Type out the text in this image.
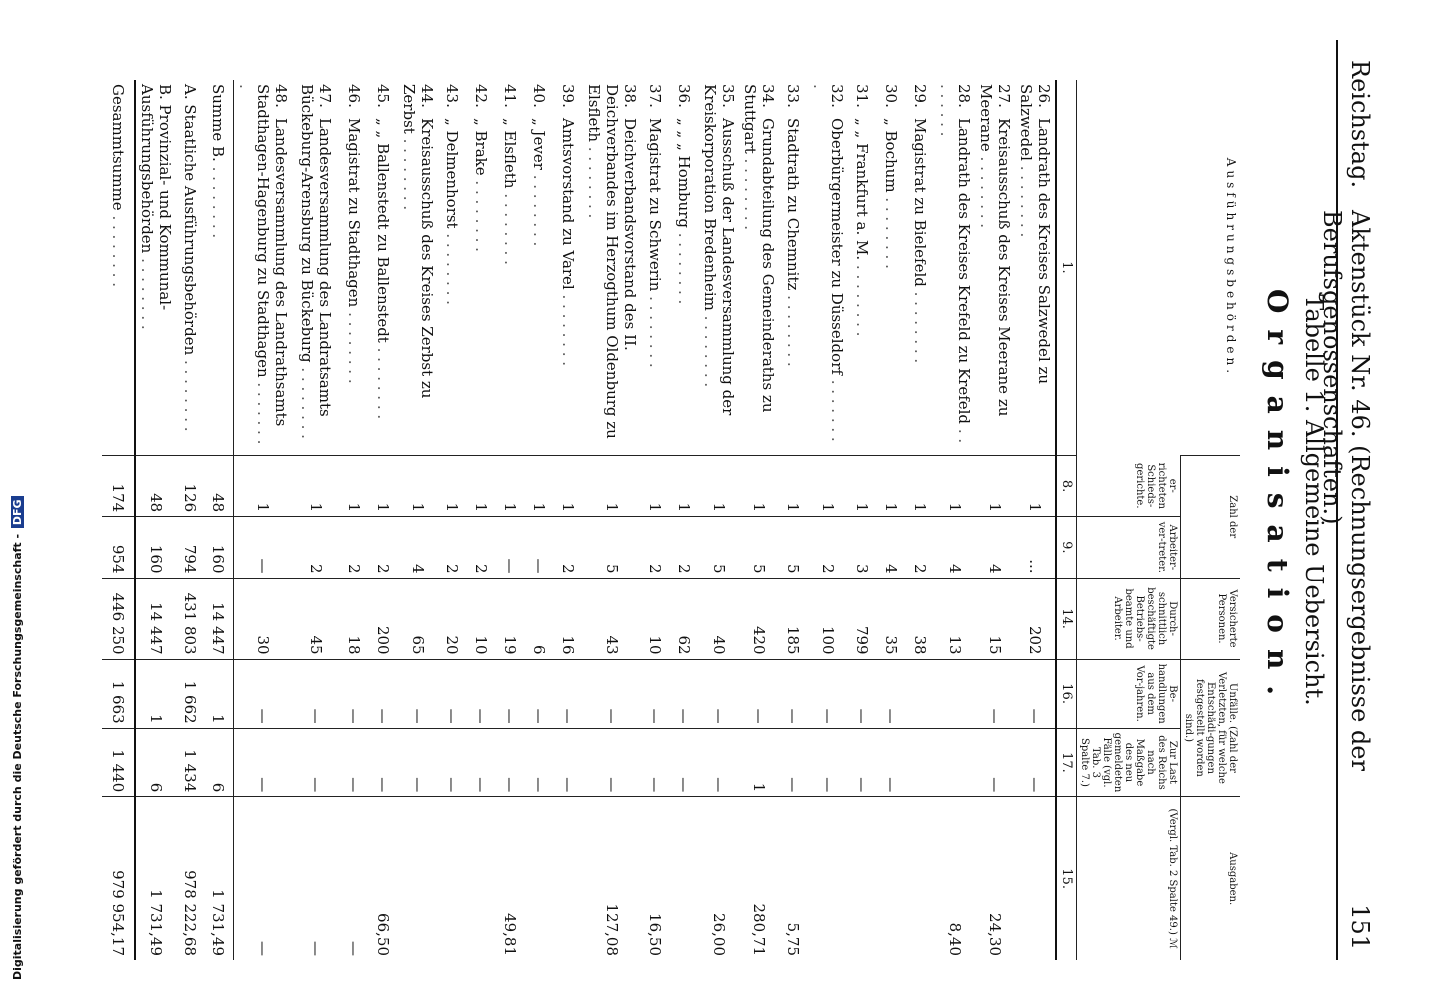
Reichstag.
Aktenstück Nr. 46. (Rechnungsergebnisse der Berufsgenossenschaften.)
151
Tabelle 1. Allgemeine Uebersicht.
Organisation.
Ausführungsbehörden.	Zahl der		Versicherte Personen.	Unfälle. (Zahl der Verletzten, für welche Entschädi-gungen festgestellt worden sind.)		Ausgaben.
	er-richteten Schieds-gerichte.	Arbeiter-ver-treter.	Durch-schnittlich beschäftigte Betriebs-beamte und Arbeiter.	Be-handlungen aus dem Vor-jahren.	Zur Last des Reichs nach Maßgabe des neu gemeldeten Fälle (vgl. Tab. 3 Spalte 7.)	(Vergl. Tab. 2 Spalte 49.) ℳ
1.	8.	9.	14.	16.	17.	15.
26.Landrath des Kreises Salzwedel zu Salzwedel . . .	1	...	202	—	—	
27.Kreisausschuß des Kreises Meerane zu Meerane . . .	1	4	15	—	—	24,30
28.Landrath des Kreises Krefeld zu Krefeld . . .	1	4	13			8,40
29.Magistrat zu Bielefeld . . .	1	2	38			
30.„ Bochum . . .	1	4	35	—	—	
31.„ „ Frankfurt a. M. . . .	1	3	799	—	—	
32.Oberbürgermeister zu Düsseldorf . . .	1	2	100	—	—	
33.Stadtrath zu Chemnitz . . .	1	5	185	—	—	5,75
34.Grundabteilung des Gemeinderaths zu Stuttgart . . .	1	5	420	—	1	280,71
35.Ausschuß der Landesversammlung der Kreiskorporation Bredenheim . . .	1	5	40	—	—	26,00
36.„ „ „ Homburg . . .	1	2	62	—	—	
37.Magistrat zu Schwerin . . .	1	2	10	—	—	16,50
38.Deichverbandsvorstand des II. Deichverbandes im Herzogthum Oldenburg zu Elsfleth . . .	1	5	43	—	—	127,08
39.Amtsvorstand zu Varel . . .	1	2	16	—	—	
40.„ Jever . . .	1	—	6	—	—	
41.„ Elsfleth . . .	1	—	19	—	—	49,81
42.„ Brake . . .	1	2	10	—	—	
43.„ Delmenhorst . . .	1	2	20	—	—	
44.Kreisausschuß des Kreises Zerbst zu Zerbst . . .	1	4	65	—	—	
45.„ „ Ballenstedt zu Ballenstedt . . .	1	2	200	—	—	66,50
46.Magistrat zu Stadthagen . . .	1	2	18	—	—	—
47.Landesversammlung des Landratsamts Bückeburg-Arensburg zu Bückeburg . . .	1	2	45	—	—	—
48.Landesversammlung des Landrathsamts Stadthagen-Hagenburg zu Stadthagen . . .	1	—	30	—	—	—
Summe B. . . .	48	160	14 447	1	6	1 731,49
A. Staatliche Ausführungsbehörden . . .	126	794	431 803	1 662	1 434	978 222,68
B. Provinzial- und Kommunal-Ausführungsbehörden . . .	48	160	14 447	1	6	1 731,49
Gesammtsumme . . .	174	954	446 250	1 663	1 440	979 954,17
Digitalisierung gefördert durch die Deutsche Forschungsgemeinschaft - DFG
